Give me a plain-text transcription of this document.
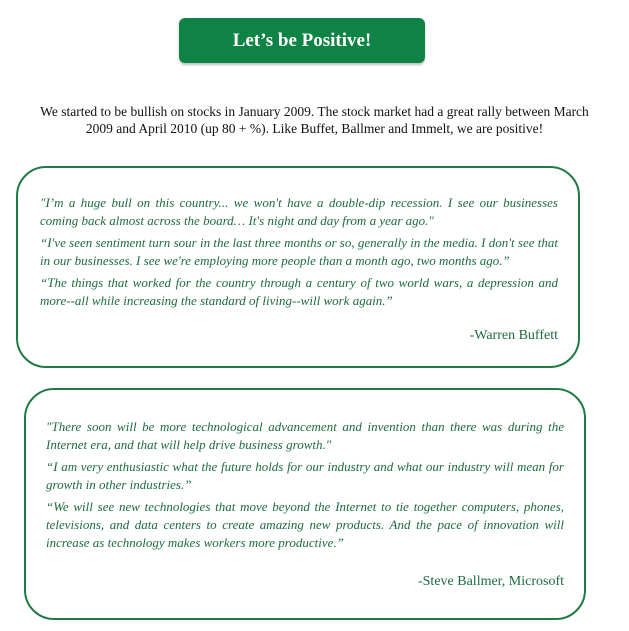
Let’s be Positive!
We started to be bullish on stocks in January 2009. The stock market had a great rally between March 2009 and April 2010 (up 80 + %). Like Buffet, Ballmer and Immelt, we are positive!

"I’m a huge bull on this country... we won't have a double-dip recession. I see our businesses coming back almost across the board… It's night and day from a year ago."

“I've seen sentiment turn sour in the last three months or so, generally in the media. I don't see that in our businesses. I see we're employing more people than a month ago, two months ago.”

“The things that worked for the country through a century of two world wars, a depression and more--all while increasing the standard of living--will work again.”

-Warren Buffett

"There soon will be more technological advancement and invention than there was during the Internet era, and that will help drive business growth."

“I am very enthusiastic what the future holds for our industry and what our industry will mean for growth in other industries.”

“We will see new technologies that move beyond the Internet to tie together computers, phones, televisions, and data centers to create amazing new products. And the pace of innovation will increase as technology makes workers more productive.”

-Steve Ballmer, Microsoft
